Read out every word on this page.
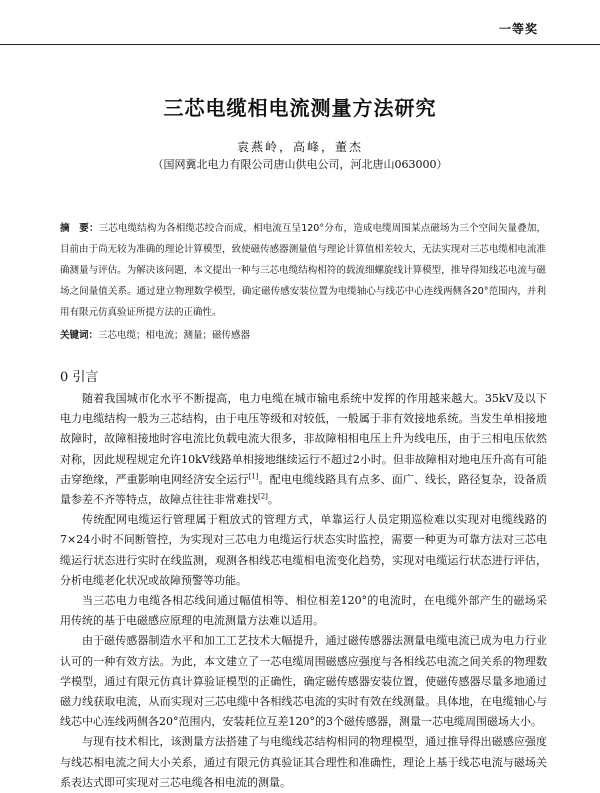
一等奖
三芯电缆相电流测量方法研究
袁燕岭，高峰，董杰
（国网冀北电力有限公司唐山供电公司，河北唐山063000）
摘　要：三芯电缆结构为各相缆芯绞合而成，相电流互呈120°分布，造成电缆周围某点磁场为三个空间矢量叠加，目前由于尚无较为准确的理论计算模型，致使磁传感器测量值与理论计算值相差较大，无法实现对三芯电缆相电流准确测量与评估。为解决该问题，本文提出一种与三芯电缆结构相符的载流细螺旋线计算模型，推导得知线芯电流与磁场之间量值关系。通过建立物理数学模型，确定磁传感安装位置为电缆轴心与线芯中心连线两侧各20°范围内，并利用有限元仿真验证所提方法的正确性。
关键词：三芯电缆；相电流；测量；磁传感器
0 引言

随着我国城市化水平不断提高，电力电缆在城市输电系统中发挥的作用越来越大。35kV及以下电力电缆结构一般为三芯结构，由于电压等级和对较低，一般属于非有效接地系统。当发生单相接地故障时，故障相接地时容电流比负载电流大很多，非故障相相电压上升为线电压，由于三相电压依然对称，因此规程规定允许10kV线路单相接地继续运行不超过2小时。但非故障相对地电压升高有可能击穿绝缘，严重影响电网经济安全运行[1]。配电电缆线路具有点多、面广、线长，路径复杂，设备质量参差不齐等特点，故障点往往非常难找[2]。

传统配网电缆运行管理属于粗放式的管理方式，单靠运行人员定期巡检难以实现对电缆线路的7×24小时不间断管控，为实现对三芯电力电缆运行状态实时监控，需要一种更为可靠方法对三芯电缆运行状态进行实时在线监测，观测各相线芯电缆相电流变化趋势，实现对电缆运行状态进行评估，分析电缆老化状况或故障预警等功能。

当三芯电力电缆各相芯线间通过幅值相等、相位相差120°的电流时，在电缆外部产生的磁场采用传统的基于电磁感应原理的电流测量方法难以适用。

由于磁传感器制造水平和加工工艺技术大幅提升，通过磁传感器法测量电缆电流已成为电力行业认可的一种有效方法。为此，本文建立了一芯电缆周围磁感应强度与各相线芯电流之间关系的物理数学模型，通过有限元仿真计算验证模型的正确性，确定磁传感器安装位置，使磁传感器尽量多地通过磁力线获取电流，从而实现对三芯电缆中各相线芯电流的实时有效在线测量。具体地，在电缆轴心与线芯中心连线两侧各20°范围内，安装耗位互差120°的3个磁传感器，测量一芯电缆周围磁场大小。

与现有技术相比，该测量方法搭建了与电缆线芯结构相同的物理模型，通过推导得出磁感应强度与线芯相电流之间大小关系，通过有限元仿真验证其合理性和准确性，理论上基于线芯电流与磁场关系表达式即可实现对三芯电缆各相电流的测量。
